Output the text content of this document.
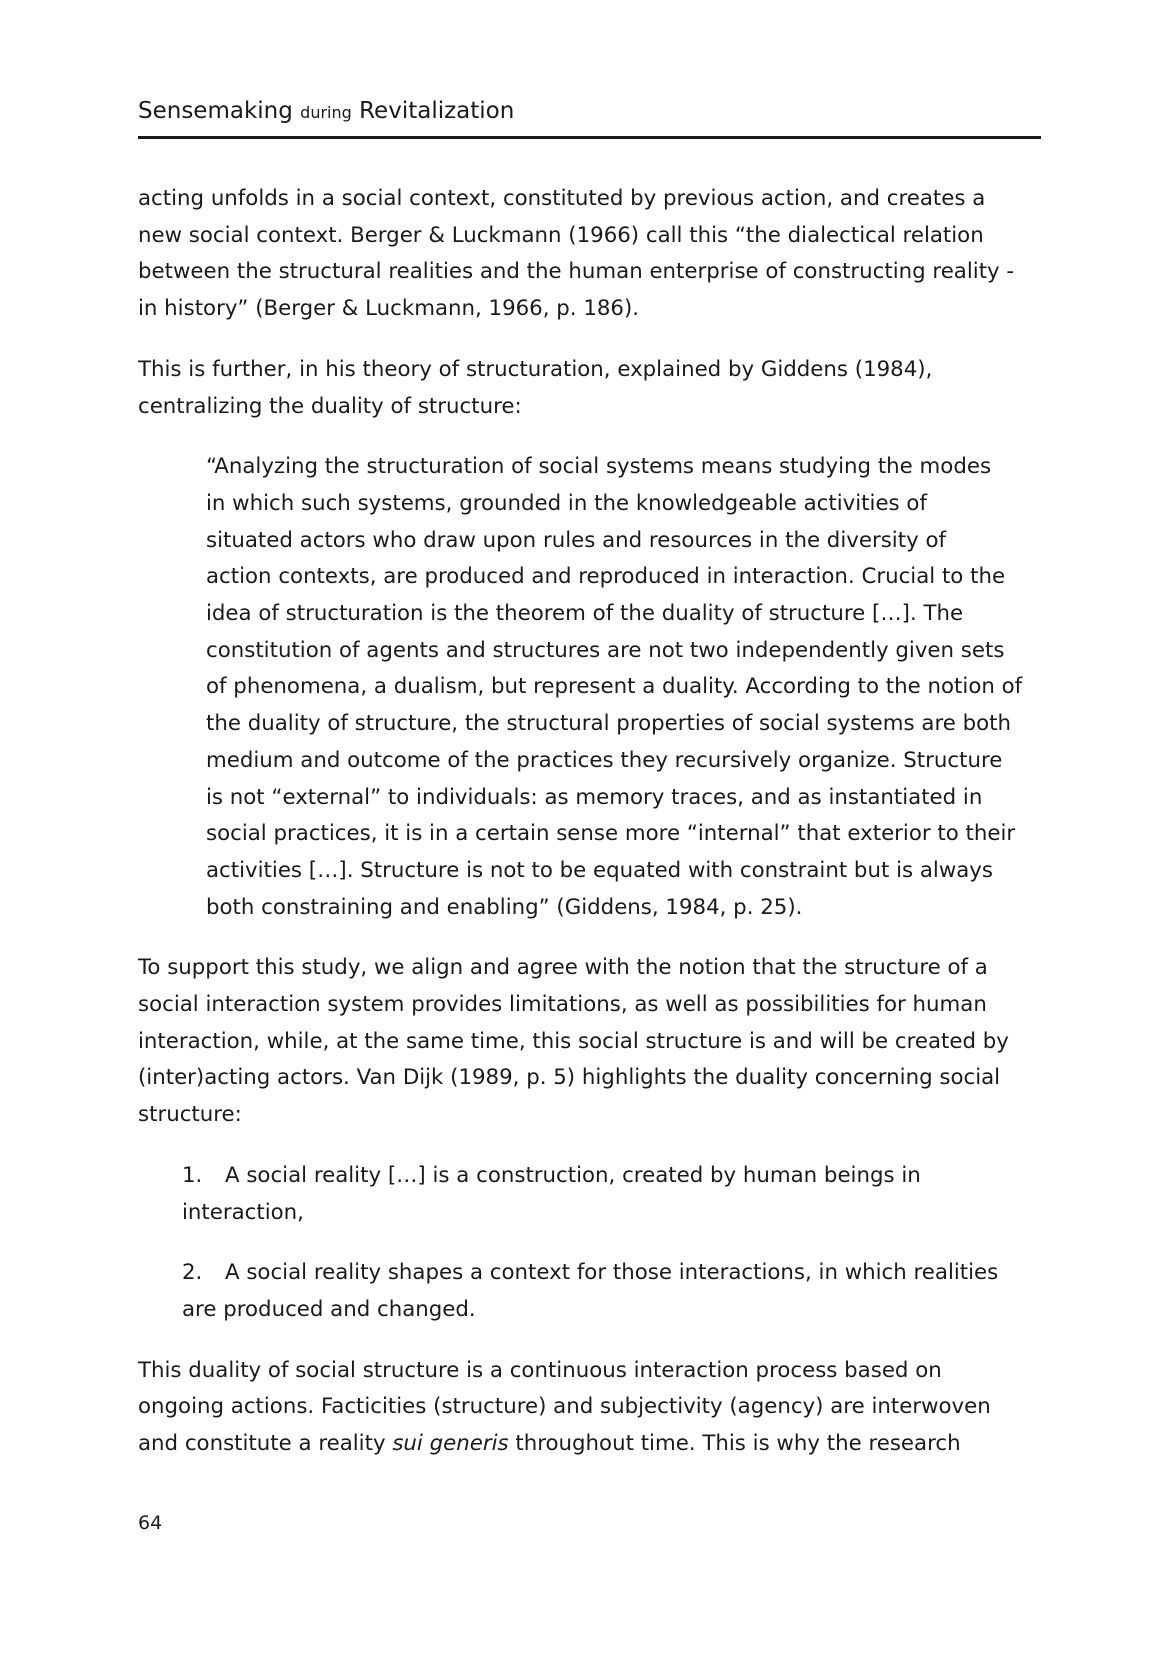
Sensemaking during Revitalization
acting unfolds in a social context, constituted by previous action, and creates a
new social context. Berger & Luckmann (1966) call this “the dialectical relation
between the structural realities and the human enterprise of constructing reality -
in history” (Berger & Luckmann, 1966, p. 186).
This is further, in his theory of structuration, explained by Giddens (1984),
centralizing the duality of structure:
“Analyzing the structuration of social systems means studying the modes
in which such systems, grounded in the knowledgeable activities of
situated actors who draw upon rules and resources in the diversity of
action contexts, are produced and reproduced in interaction. Crucial to the
idea of structuration is the theorem of the duality of structure […]. The
constitution of agents and structures are not two independently given sets
of phenomena, a dualism, but represent a duality. According to the notion of
the duality of structure, the structural properties of social systems are both
medium and outcome of the practices they recursively organize. Structure
is not “external” to individuals: as memory traces, and as instantiated in
social practices, it is in a certain sense more “internal” that exterior to their
activities […]. Structure is not to be equated with constraint but is always
both constraining and enabling” (Giddens, 1984, p. 25).
To support this study, we align and agree with the notion that the structure of a
social interaction system provides limitations, as well as possibilities for human
interaction, while, at the same time, this social structure is and will be created by
(inter)acting actors. Van Dijk (1989, p. 5) highlights the duality concerning social
structure:
1. A social reality […] is a construction, created by human beings in
interaction,
2. A social reality shapes a context for those interactions, in which realities
are produced and changed.
This duality of social structure is a continuous interaction process based on
ongoing actions. Facticities (structure) and subjectivity (agency) are interwoven
and constitute a reality sui generis throughout time. This is why the research
64
